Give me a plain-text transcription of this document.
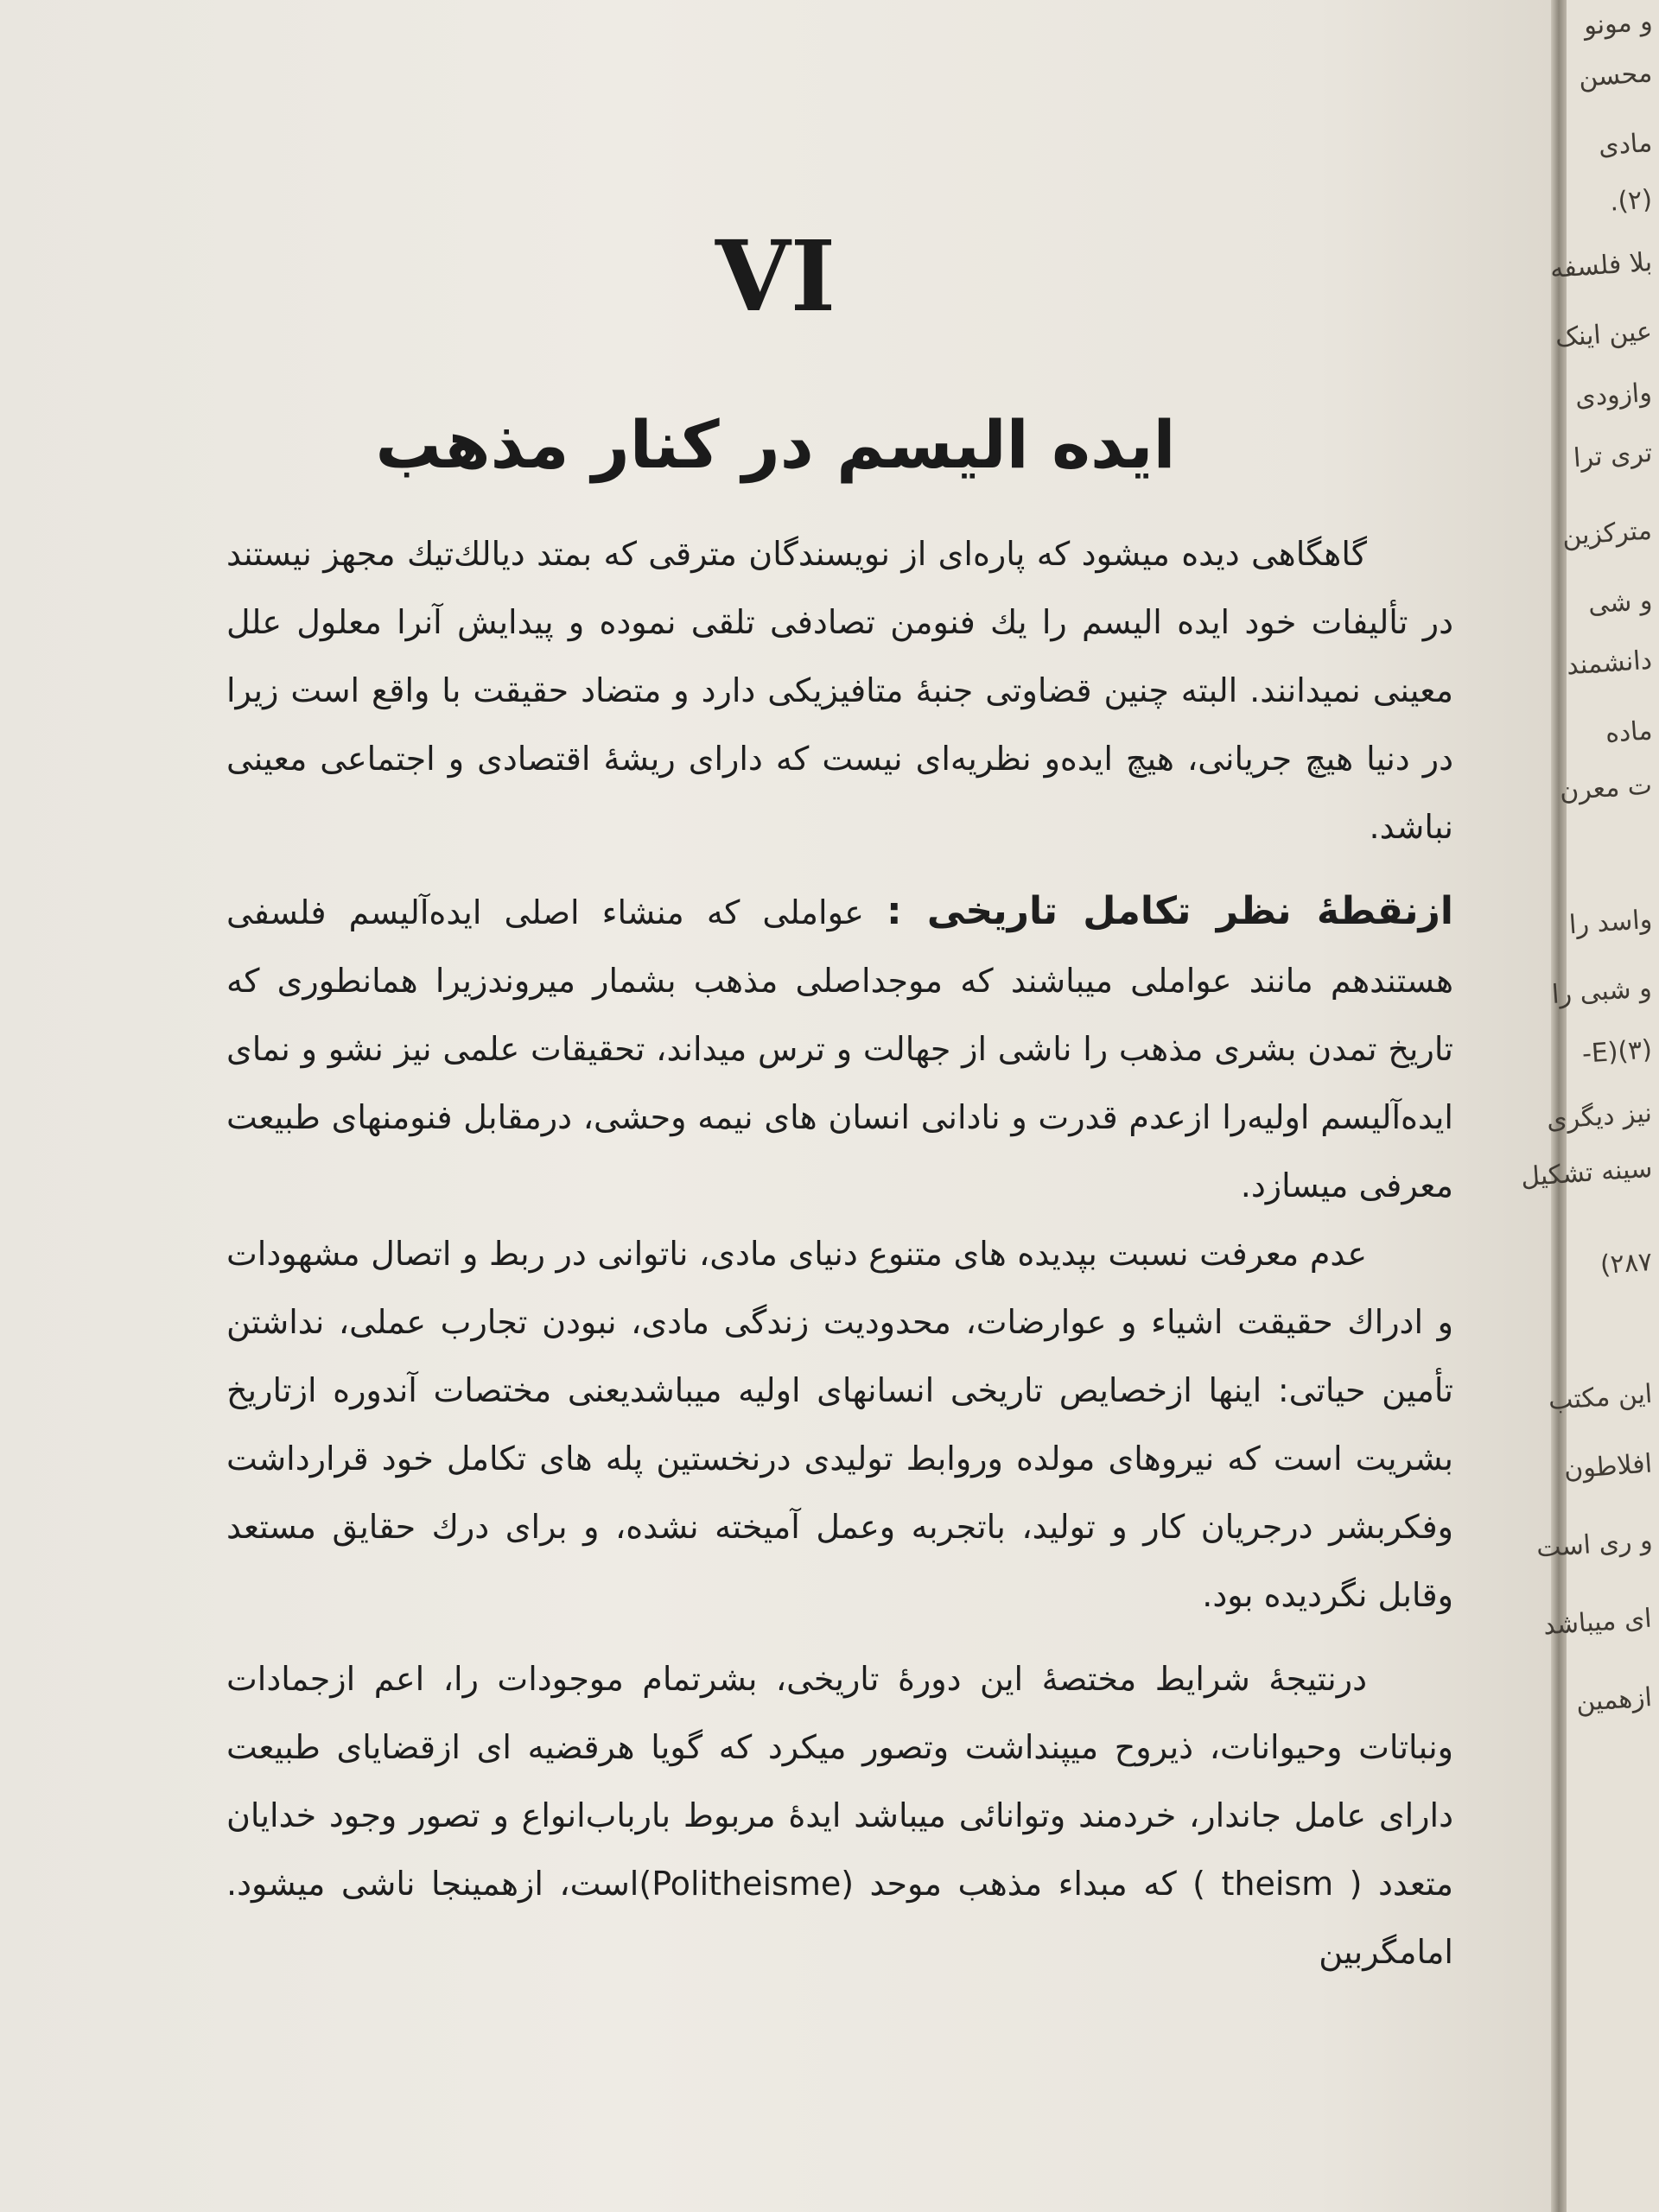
VI
ایده الیسم در کنار مذهب

گاهگاهی دیده میشود که پاره‌ای از نویسندگان مترقی که بمتد دیالك‌تیك مجهز نیستند در تألیفات خود ایده الیسم را یك فنومن تصادفی تلقی نموده و پیدایش آنرا معلول علل معینی نمیدانند. البته چنین قضاوتی جنبهٔ متافیزیکی دارد و متضاد حقیقت با واقع است زیرا در دنیا هیچ جریانی، هیچ ایده‌و نظریه‌ای نیست که دارای ریشهٔ اقتصادی و اجتماعی معینی نباشد.

ازنقطهٔ نظر تکامل تاریخی : عواملی که منشاء اصلی ایده‌آلیسم فلسفی هستندهم مانند عواملی میباشند که موجداصلی مذهب بشمار میروندزیرا همانطوری که تاریخ تمدن بشری مذهب را ناشی از جهالت و ترس میداند، تحقیقات علمی نیز نشو و نمای ایده‌آلیسم اولیه‌را ازعدم قدرت و نادانی انسان های نیمه وحشی، درمقابل فنومنهای طبیعت معرفی میسازد.

عدم معرفت نسبت بپدیده های متنوع دنیای مادی، ناتوانی در ربط و اتصال مشهودات و ادراك حقیقت اشیاء و عوارضات، محدودیت زندگی مادی، نبودن تجارب عملی، نداشتن تأمین حیاتی: اینها ازخصایص تاریخی انسانهای اولیه میباشدیعنی مختصات آندوره ازتاریخ بشریت است که نیروهای مولده وروابط تولیدی درنخستین پله های تکامل خود قرارداشت وفکربشر درجریان کار و تولید، باتجربه وعمل آمیخته نشده، و برای درك حقایق مستعد وقابل نگردیده بود.

درنتیجهٔ شرایط مختصهٔ این دورهٔ تاریخی، بشرتمام موجودات را، اعم ازجمادات ونباتات وحیوانات، ذیروح میپنداشت وتصور میکرد که گویا هرقضیه ای ازقضایای طبیعت دارای عامل جاندار، خردمند وتوانائی میباشد ایدهٔ مربوط بارباب‌انواع و تصور وجود خدایان متعدد ( theism ) که مبداء مذهب موحد (Politheisme)است، ازهمینجا ناشی میشود. امامگربین

و مونو
محسن
مادی
(۲).
بلا فلسفه
عین اینک
وازودی
تری ترا
مترکزین
و شی
دانشمند
ماده
ت معرن
واسد را
و شبی را
(۳)(E-
نیز دیگری
سینه تشکیل
۲۸۷)
این مکتب
افلاطون
و ری است
ای میباشد
ازهمین
